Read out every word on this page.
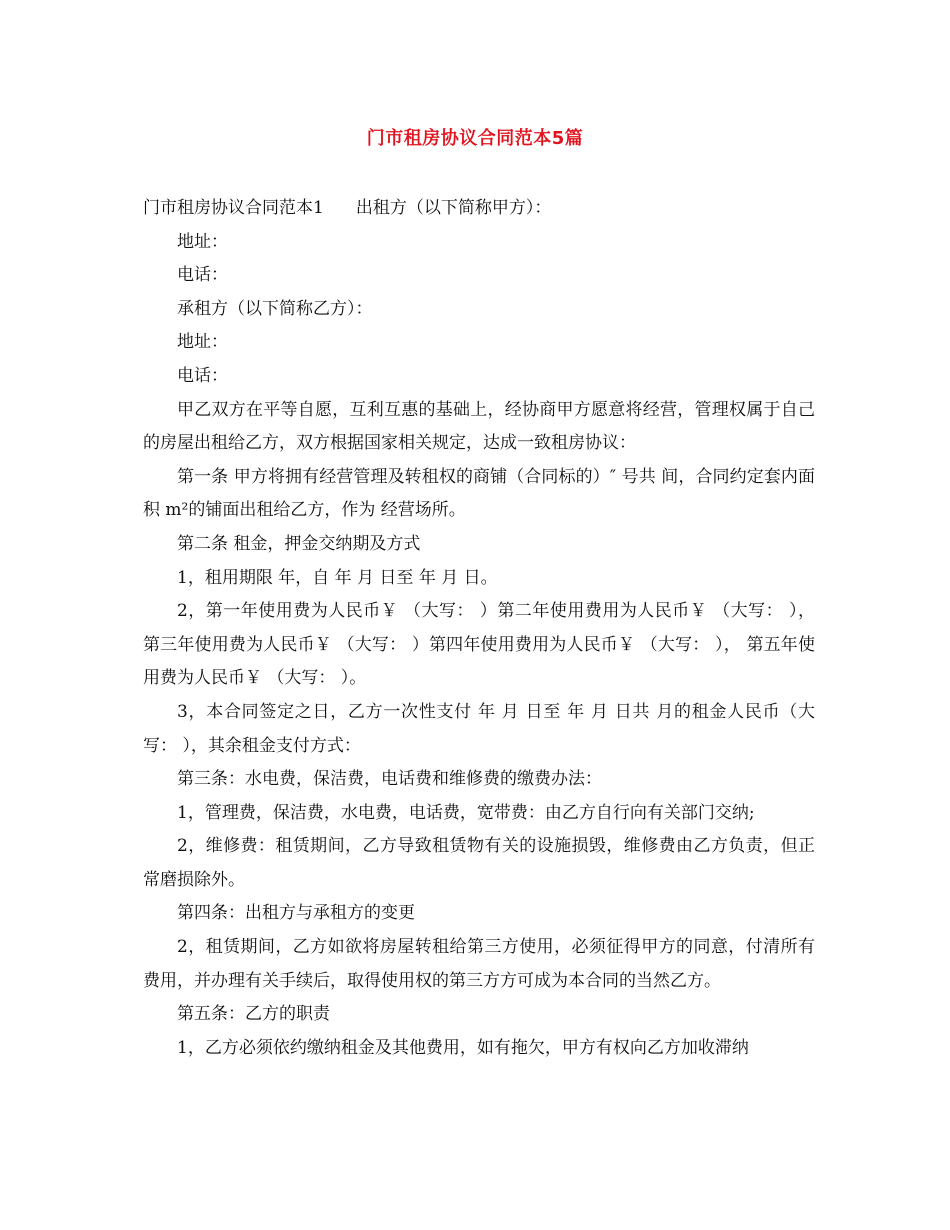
门市租房协议合同范本5篇

门市租房协议合同范本1 出租方（以下简称甲方）：

地址：

电话：

承租方（以下简称乙方）：

地址：

电话：

甲乙双方在平等自愿，互利互惠的基础上，经协商甲方愿意将经营，管理权属于自己的房屋出租给乙方，双方根据国家相关规定，达成一致租房协议：

第一条 甲方将拥有经营管理及转租权的商铺（合同标的）″ 号共 间，合同约定套内面积 m²的铺面出租给乙方，作为 经营场所。

第二条 租金，押金交纳期及方式

1，租用期限 年，自 年 月 日至 年 月 日。

2，第一年使用费为人民币￥ （大写： ）第二年使用费用为人民币￥ （大写： ）， 第三年使用费为人民币￥ （大写： ）第四年使用费用为人民币￥ （大写： ）， 第五年使用费为人民币￥ （大写： ）。

3，本合同签定之日，乙方一次性支付 年 月 日至 年 月 日共 月的租金人民币（大写： ），其余租金支付方式：

第三条：水电费，保洁费，电话费和维修费的缴费办法：

1，管理费，保洁费，水电费，电话费，宽带费：由乙方自行向有关部门交纳;

2，维修费：租赁期间，乙方导致租赁物有关的设施损毁，维修费由乙方负责，但正常磨损除外。

第四条：出租方与承租方的变更

2，租赁期间，乙方如欲将房屋转租给第三方使用，必须征得甲方的同意，付清所有费用，并办理有关手续后，取得使用权的第三方方可成为本合同的当然乙方。

第五条：乙方的职责

1，乙方必须依约缴纳租金及其他费用，如有拖欠，甲方有权向乙方加收滞纳
